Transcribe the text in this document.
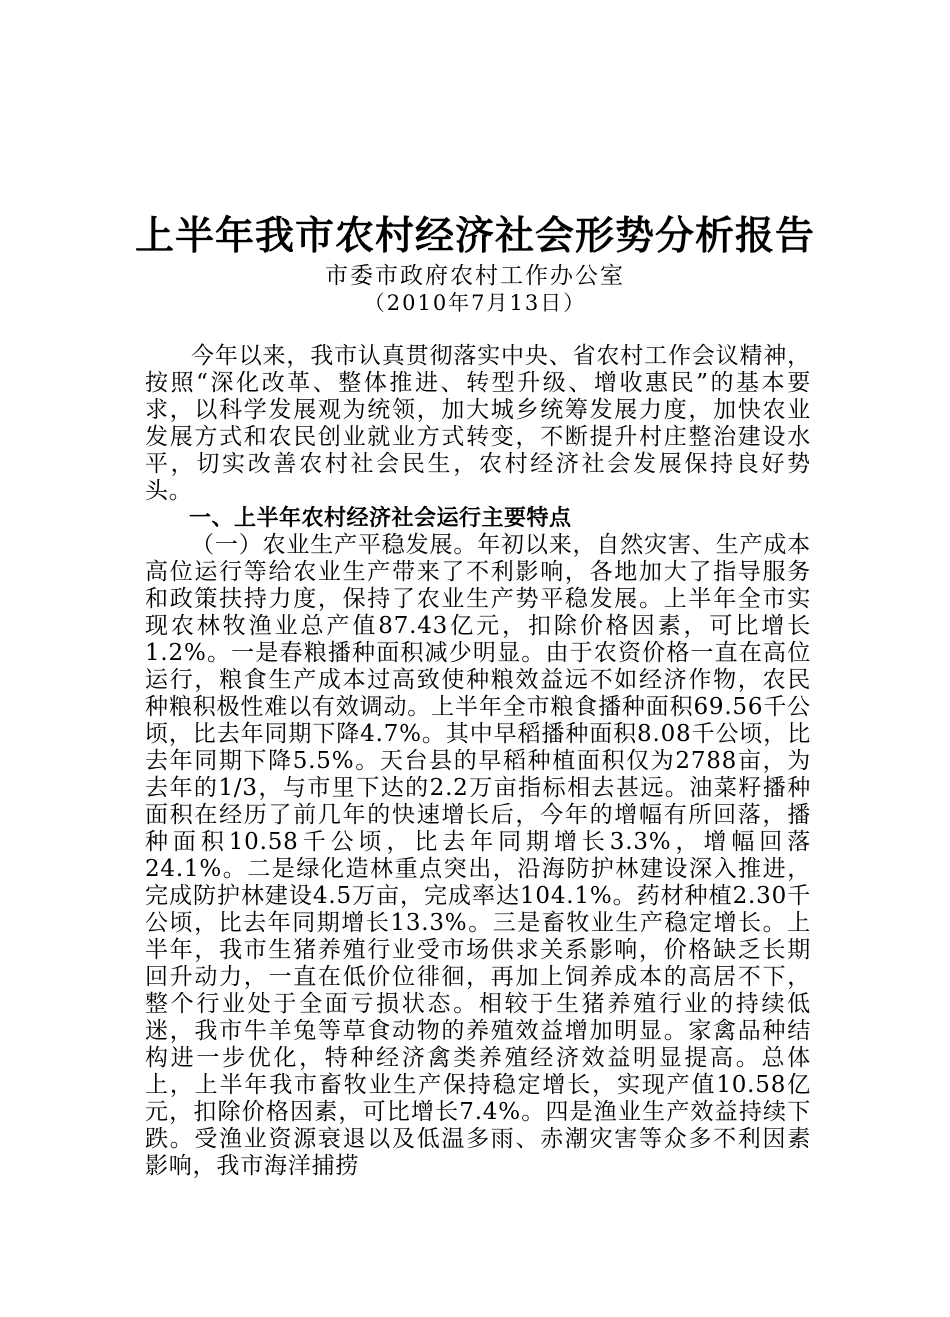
上半年我市农村经济社会形势分析报告

市委市政府农村工作办公室

（2010年7月13日）

今年以来，我市认真贯彻落实中央、省农村工作会议精神，按照“深化改革、整体推进、转型升级、增收惠民”的基本要求，以科学发展观为统领，加大城乡统筹发展力度，加快农业发展方式和农民创业就业方式转变，不断提升村庄整治建设水平，切实改善农村社会民生，农村经济社会发展保持良好势头。

一、上半年农村经济社会运行主要特点

（一）农业生产平稳发展。年初以来，自然灾害、生产成本高位运行等给农业生产带来了不利影响，各地加大了指导服务和政策扶持力度，保持了农业生产势平稳发展。上半年全市实现农林牧渔业总产值87.43亿元，扣除价格因素，可比增长1.2%。一是春粮播种面积减少明显。由于农资价格一直在高位运行，粮食生产成本过高致使种粮效益远不如经济作物，农民种粮积极性难以有效调动。上半年全市粮食播种面积69.56千公顷，比去年同期下降4.7%。其中早稻播种面积8.08千公顷，比去年同期下降5.5%。天台县的早稻种植面积仅为2788亩，为去年的1/3，与市里下达的2.2万亩指标相去甚远。油菜籽播种面积在经历了前几年的快速增长后，今年的增幅有所回落，播种面积10.58千公顷，比去年同期增长3.3%，增幅回落24.1%。二是绿化造林重点突出，沿海防护林建设深入推进，完成防护林建设4.5万亩，完成率达104.1%。药材种植2.30千公顷，比去年同期增长13.3%。三是畜牧业生产稳定增长。上半年，我市生猪养殖行业受市场供求关系影响，价格缺乏长期回升动力，一直在低价位徘徊，再加上饲养成本的高居不下，整个行业处于全面亏损状态。相较于生猪养殖行业的持续低迷，我市牛羊兔等草食动物的养殖效益增加明显。家禽品种结构进一步优化，特种经济禽类养殖经济效益明显提高。总体上，上半年我市畜牧业生产保持稳定增长，实现产值10.58亿元，扣除价格因素，可比增长7.4%。四是渔业生产效益持续下跌。受渔业资源衰退以及低温多雨、赤潮灾害等众多不利因素影响，我市海洋捕捞
